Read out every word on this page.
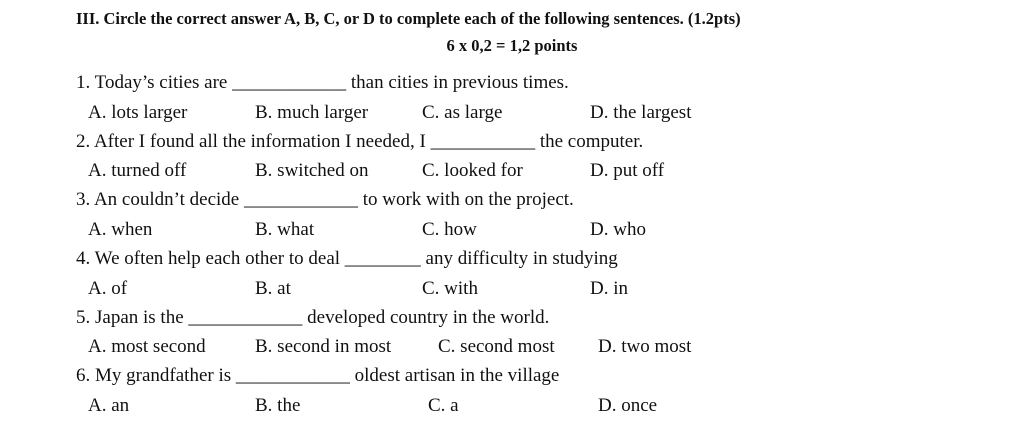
III. Circle the correct answer A, B, C, or D to complete each of the following sentences. (1.2pts)
6 x 0,2 = 1,2 points
1. Today’s cities are ____________ than cities in previous times.
A. lots larger	B. much larger	C. as large	D. the largest
2. After I found all the information I needed, I ___________ the computer.
A. turned off	B. switched on	C. looked for	D. put off
3. An couldn’t decide ____________ to work with on the project.
A. when	B. what	C. how	D. who
4. We often help each other to deal ________ any difficulty in studying
A. of	B. at	C. with	D. in
5. Japan is the ____________ developed country in the world.
A. most second	B. second in most C. second most D. two most
6. My grandfather is ____________ oldest artisan in the village
A. an	B. the	C. a	D. once
